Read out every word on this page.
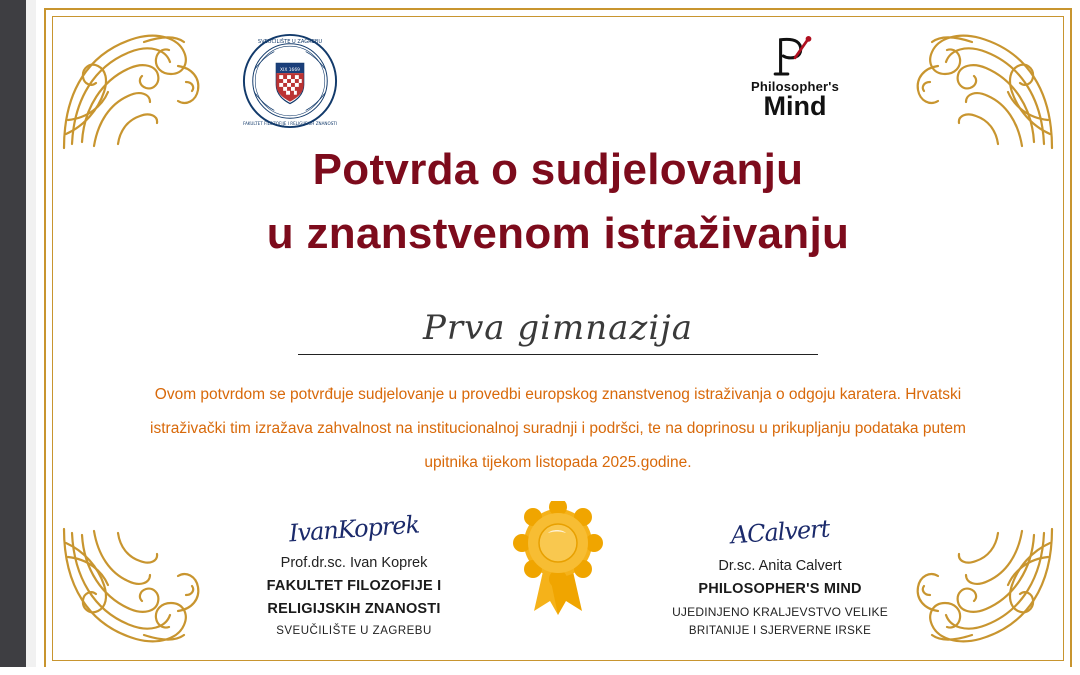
XIX 1669
SVEUČILIŠTE U ZAGREBU
FAKULTET FILOZOFIJE I RELIGIJSKIH ZNANOSTI
Philosopher's
Mind
Potvrda o sudjelovanju
u znanstvenom istraživanju
Prva gimnazija
Ovom potvrdom se potvrđuje sudjelovanje u provedbi europskog znanstvenog istraživanja o odgoju karatera. Hrvatski istraživački tim izražava zahvalnost na institucionalnoj suradnji i podršci, te na doprinosu u prikupljanju podataka putem upitnika tijekom listopada 2025.godine.
IvanKoprek
Prof.dr.sc. Ivan Koprek
FAKULTET FILOZOFIJE I
RELIGIJSKIH ZNANOSTI
SVEUČILIŠTE U ZAGREBU
ACalvert
Dr.sc. Anita Calvert
PHILOSOPHER'S MIND
UJEDINJENO KRALJEVSTVO VELIKE
BRITANIJE I SJERVERNE IRSKE
